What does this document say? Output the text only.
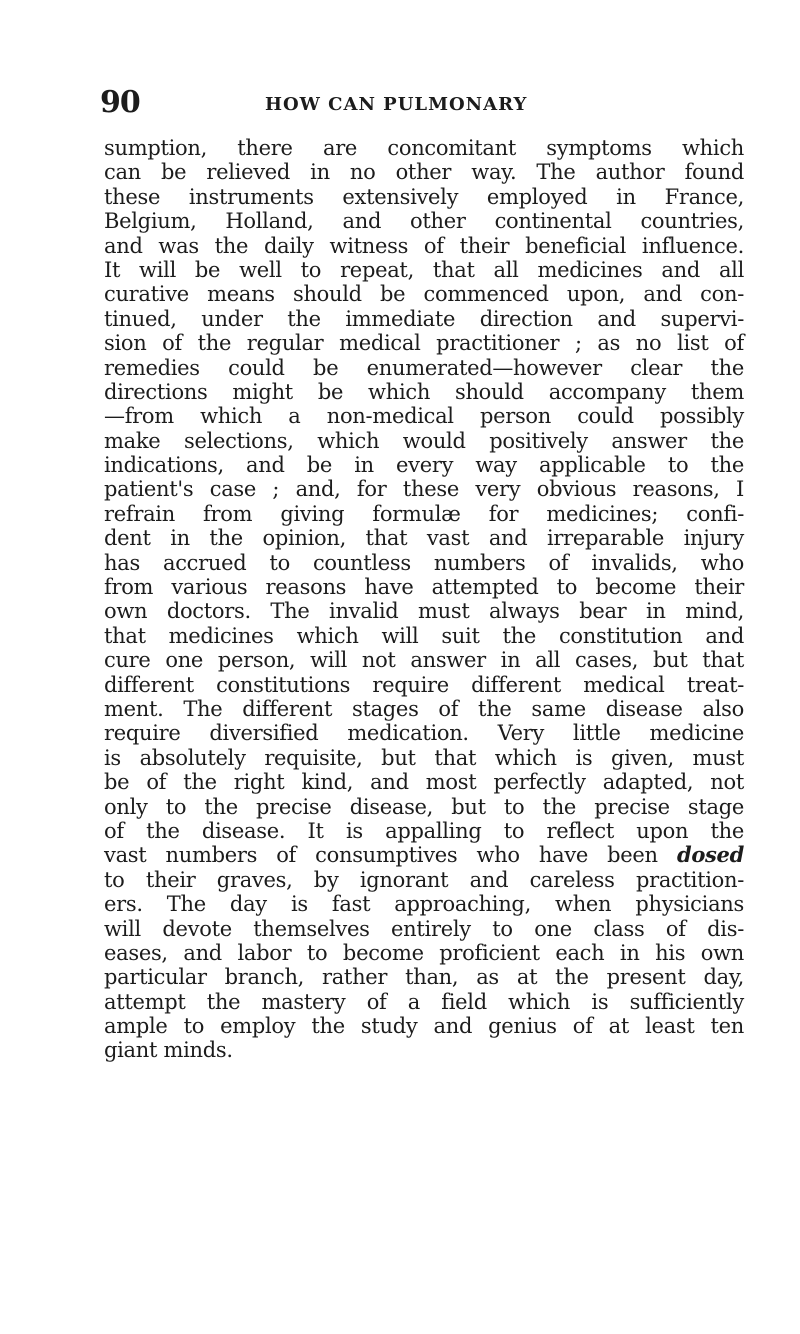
90	HOW CAN PULMONARY
sumption, there are concomitant symptoms which
can be relieved in no other way. The author found
these instruments extensively employed in France,
Belgium, Holland, and other continental countries,
and was the daily witness of their beneficial influence.
It will be well to repeat, that all medicines and all
curative means should be commenced upon, and con-
tinued, under the immediate direction and supervi-
sion of the regular medical practitioner ; as no list of
remedies could be enumerated—however clear the
directions might be which should accompany them
—from which a non-medical person could possibly
make selections, which would positively answer the
indications, and be in every way applicable to the
patient's case ; and, for these very obvious reasons, I
refrain from giving formulæ for medicines; confi-
dent in the opinion, that vast and irreparable injury
has accrued to countless numbers of invalids, who
from various reasons have attempted to become their
own doctors. The invalid must always bear in mind,
that medicines which will suit the constitution and
cure one person, will not answer in all cases, but that
different constitutions require different medical treat-
ment. The different stages of the same disease also
require diversified medication. Very little medicine
is absolutely requisite, but that which is given, must
be of the right kind, and most perfectly adapted, not
only to the precise disease, but to the precise stage
of the disease. It is appalling to reflect upon the
vast numbers of consumptives who have been dosed
to their graves, by ignorant and careless practition-
ers. The day is fast approaching, when physicians
will devote themselves entirely to one class of dis-
eases, and labor to become proficient each in his own
particular branch, rather than, as at the present day,
attempt the mastery of a field which is sufficiently
ample to employ the study and genius of at least ten
giant minds.
